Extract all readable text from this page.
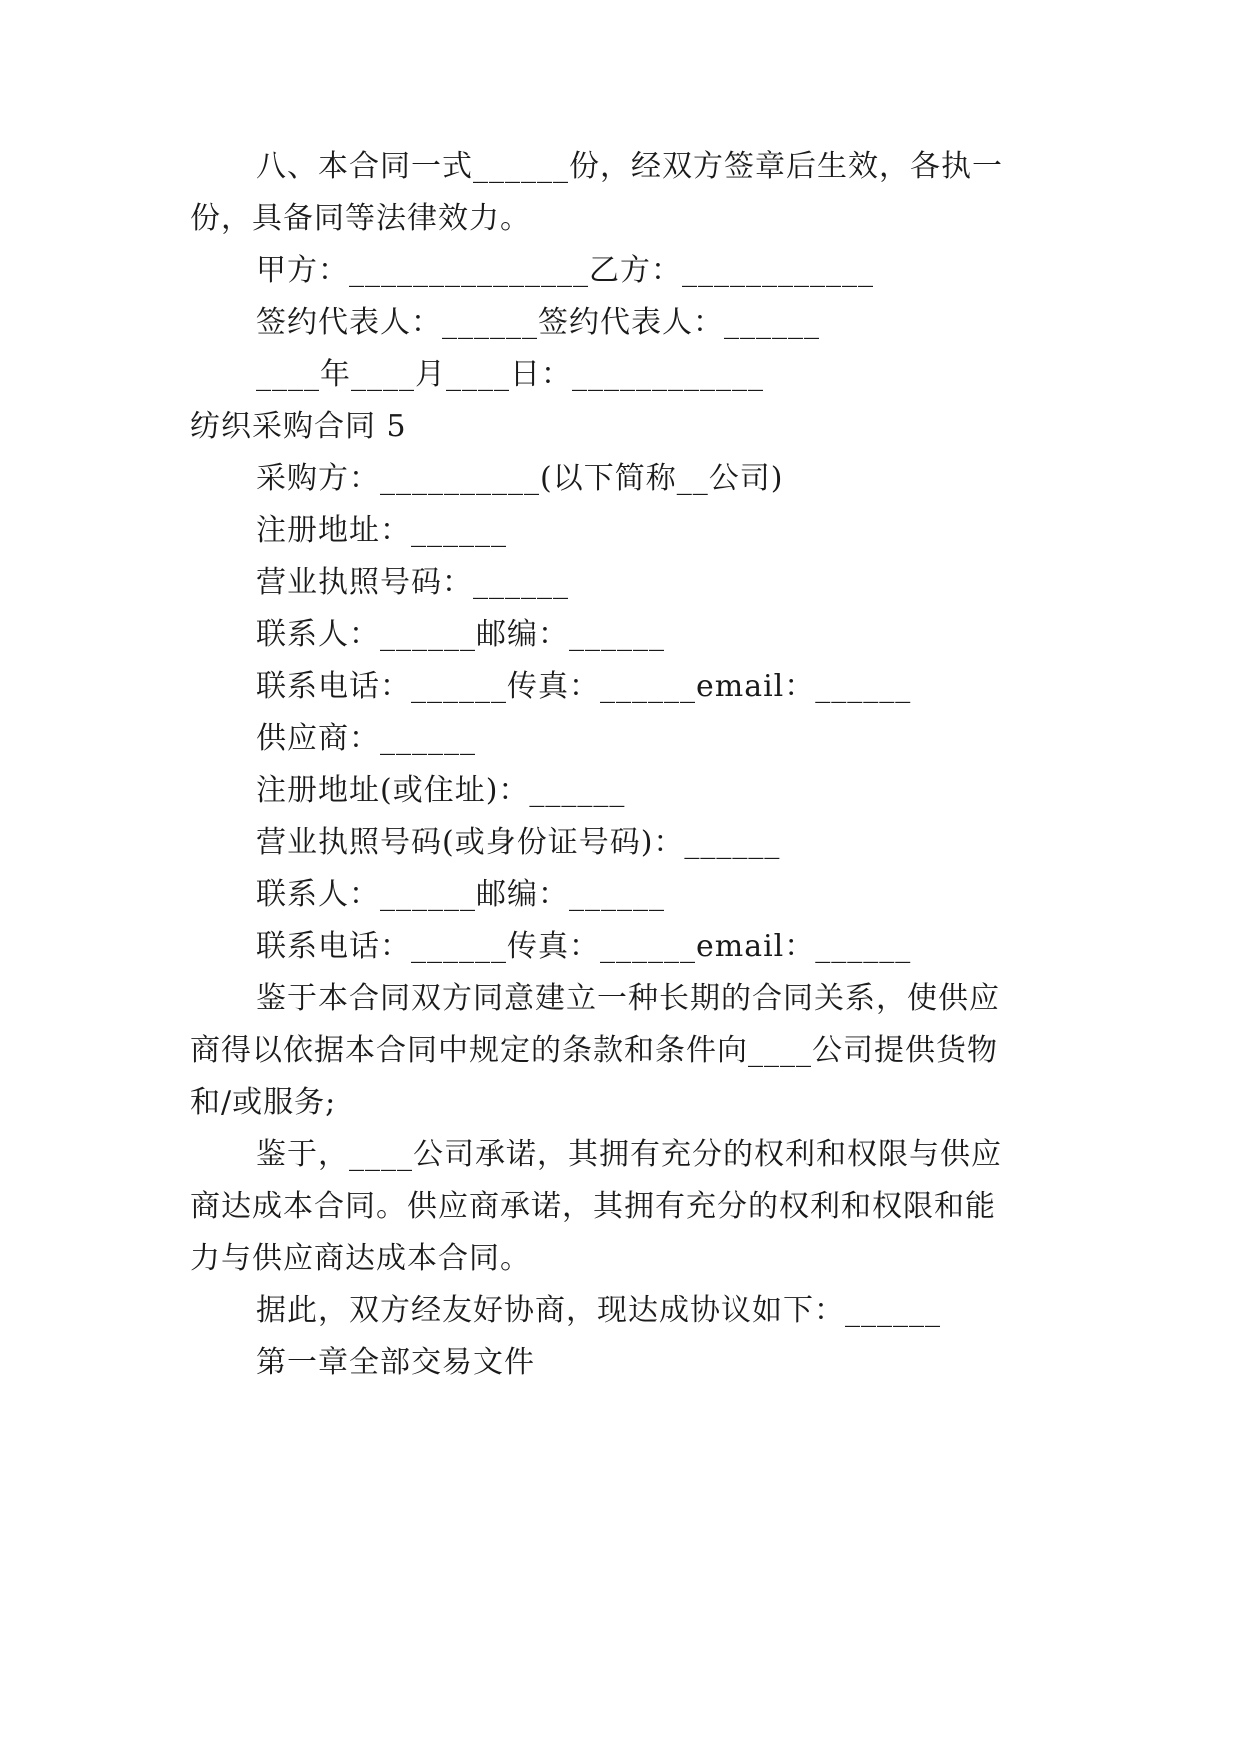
八、本合同一式______份，经双方签章后生效，各执一
份，具备同等法律效力。
甲方：_______________乙方：____________
签约代表人：______签约代表人：______
____年____月____日：____________
纺织采购合同 5
采购方：__________(以下简称__公司)
注册地址：______
营业执照号码：______
联系人：______邮编：______
联系电话：______传真：______email：______
供应商：______
注册地址(或住址)：______
营业执照号码(或身份证号码)：______
联系人：______邮编：______
联系电话：______传真：______email：______
鉴于本合同双方同意建立一种长期的合同关系，使供应
商得以依据本合同中规定的条款和条件向____公司提供货物
和/或服务;
鉴于，____公司承诺，其拥有充分的权利和权限与供应
商达成本合同。供应商承诺，其拥有充分的权利和权限和能
力与供应商达成本合同。
据此，双方经友好协商，现达成协议如下：______
第一章全部交易文件
